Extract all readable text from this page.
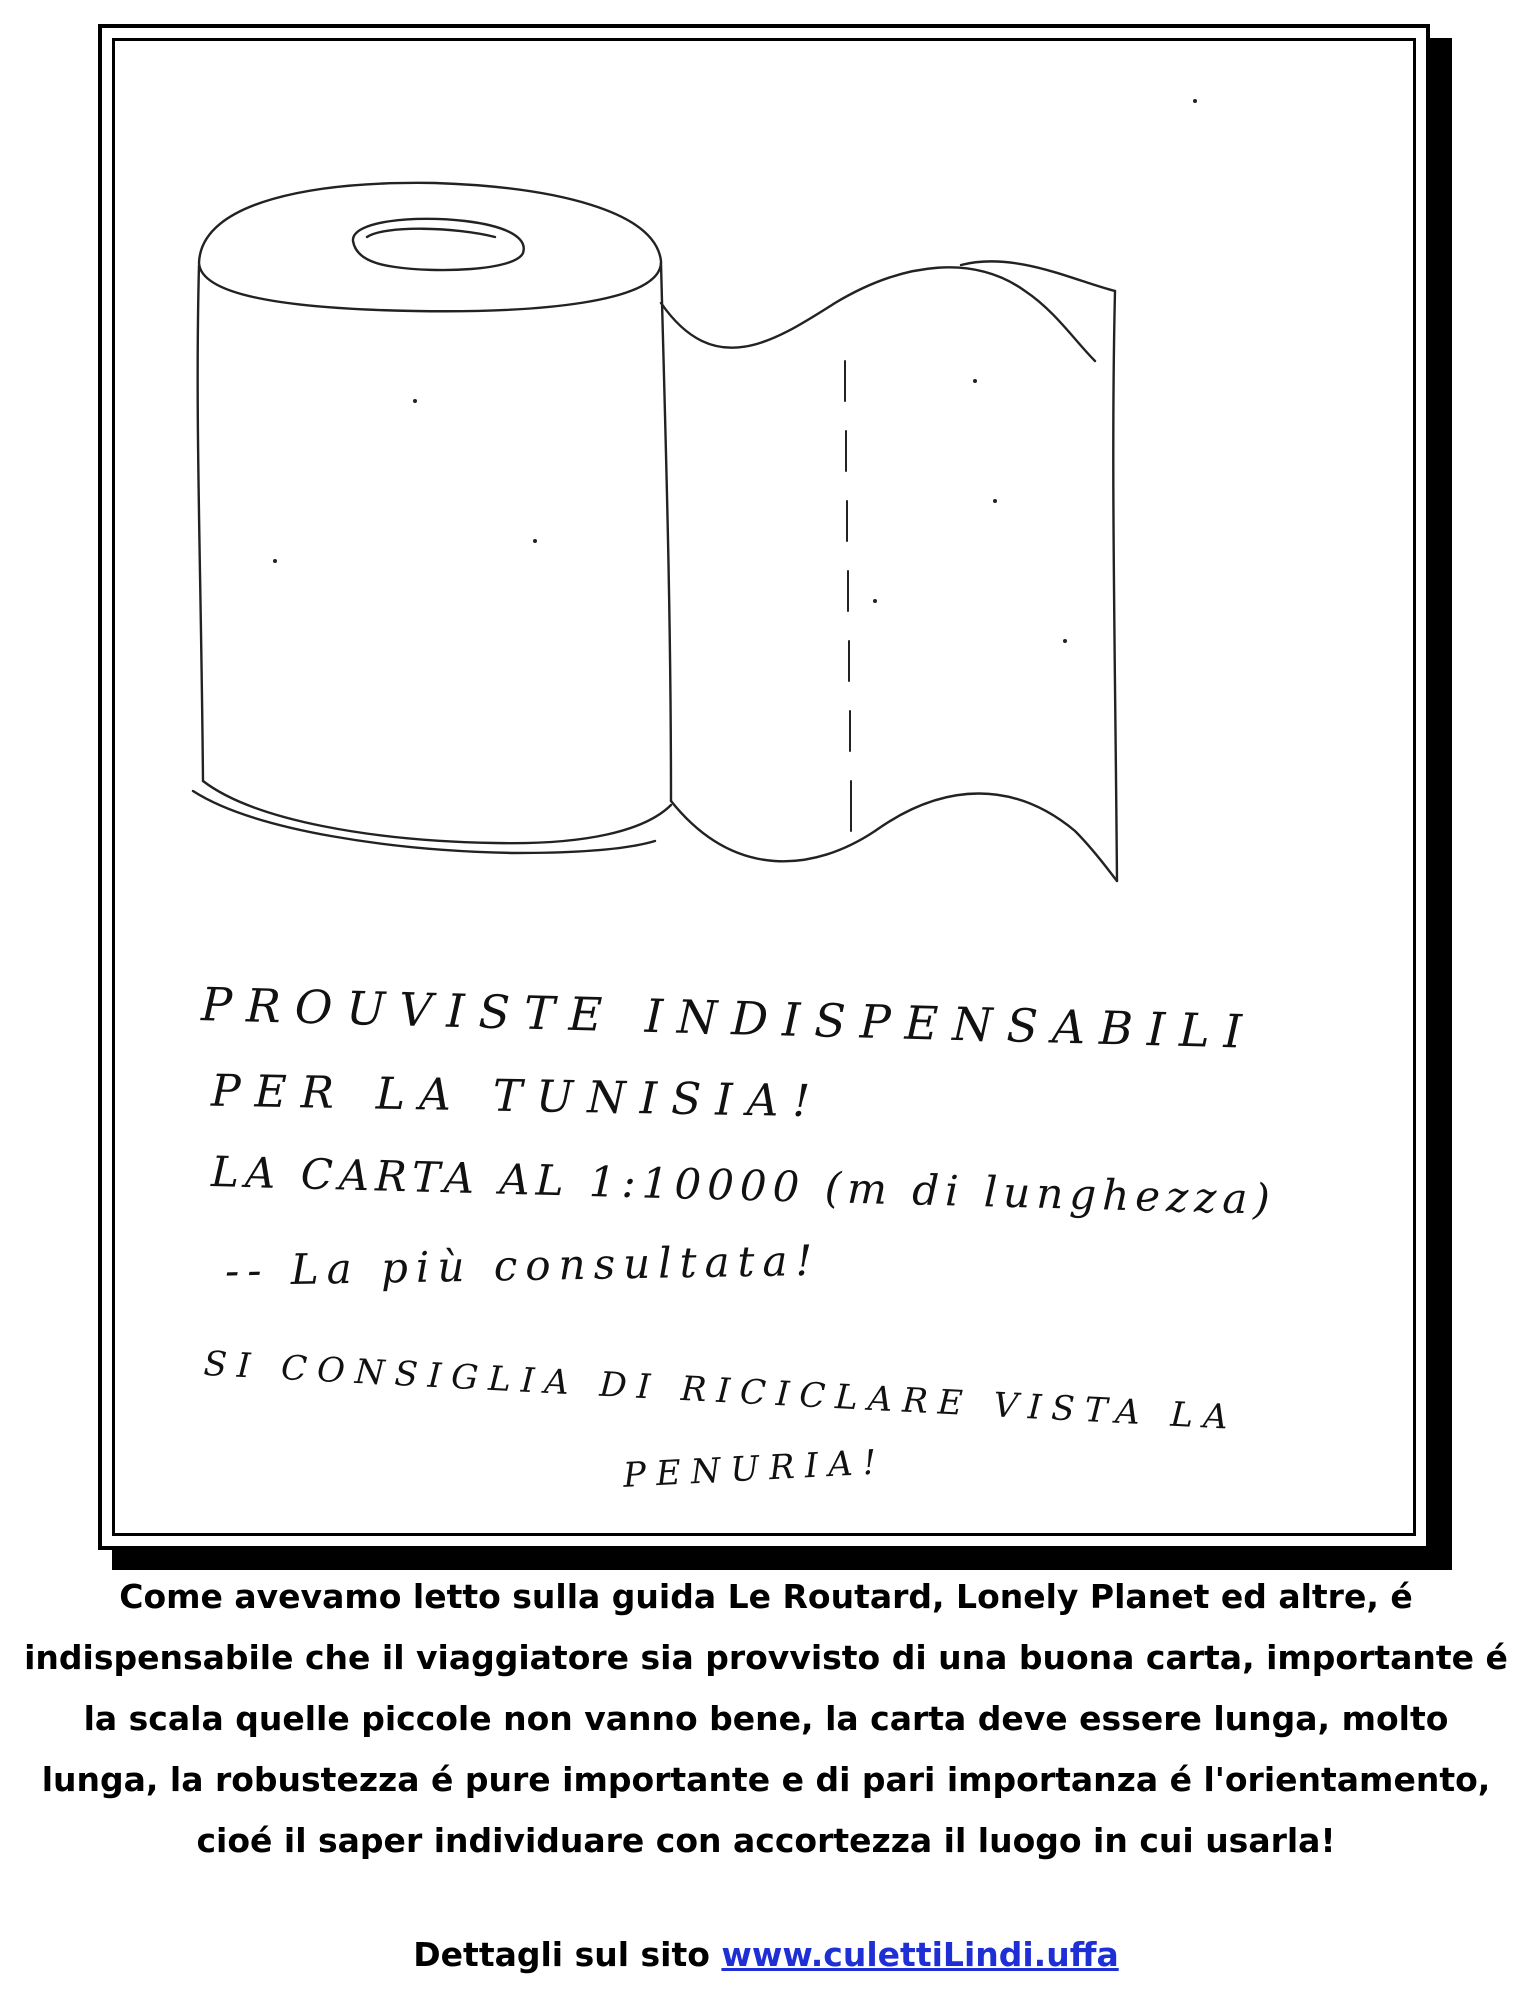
PROUVISTE INDISPENSABILI
PER LA TUNISIA!
LA CARTA AL 1:10000 (m di lunghezza)
-- La più consultata!
SI CONSIGLIA DI RICICLARE VISTA LA
PENURIA!

Come avevamo letto sulla guida Le Routard, Lonely Planet ed altre, é indispensabile che il viaggiatore sia provvisto di una buona carta, importante é la scala quelle piccole non vanno bene, la carta deve essere lunga, molto lunga, la robustezza é pure importante e di pari importanza é l'orientamento, cioé il saper individuare con accortezza il luogo in cui usarla!

Dettagli sul sito www.culettiLindi.uffa
